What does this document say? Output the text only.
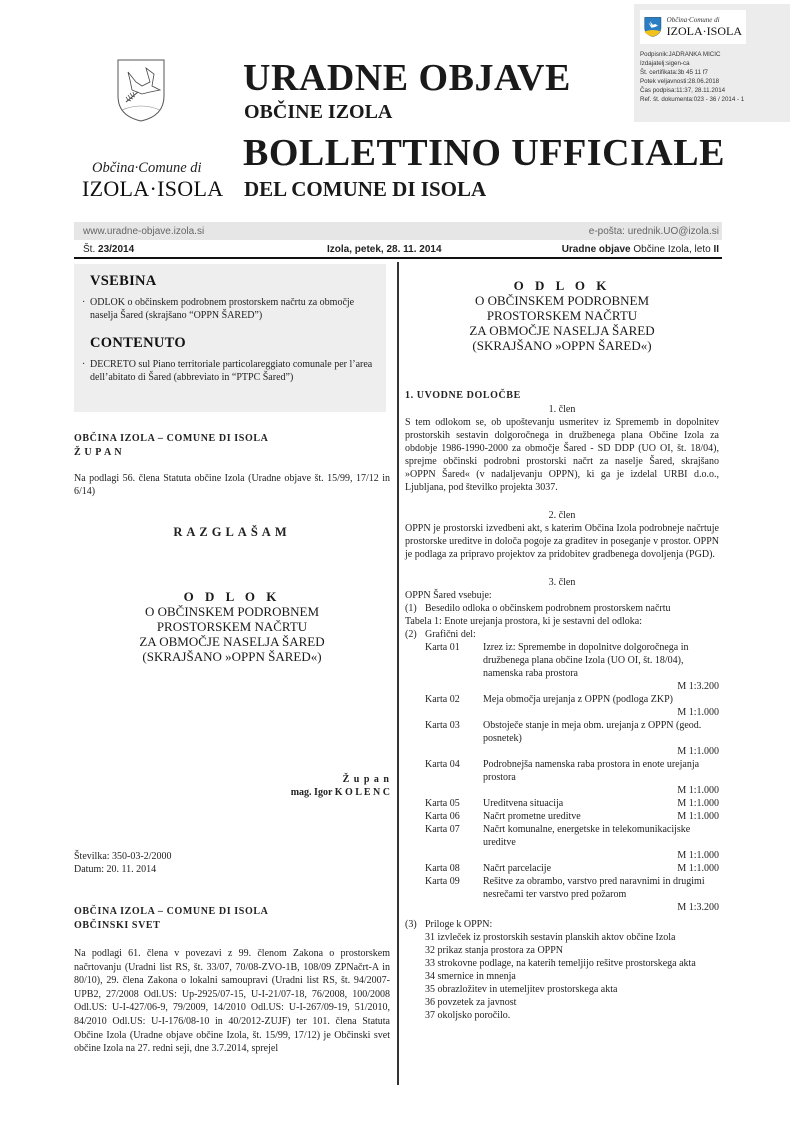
Občina·Comune di
IZOLA·ISOLA
Podpisnik:JADRANKA MICIC
Izdajatelj:sigen-ca
Št. certifikata:3b 45 11 f7
Potek veljavnosti:28.06.2018
Čas podpisa:11:37, 28.11.2014
Ref. št. dokumenta:023 - 36 / 2014 - 1
Občina·Comune di
IZOLA·ISOLA
URADNE OBJAVE
OBČINE IZOLA
BOLLETTINO UFFICIALE
DEL COMUNE DI ISOLA
www.uradne-objave.izola.si	e-pošta: urednik.UO@izola.si
Št. 23/2014	Izola, petek, 28. 11. 2014	Uradne objave Občine Izola, leto II
VSEBINA
· ODLOK o občinskem podrobnem prostorskem načrtu za območje naselja Šared (skrajšano “OPPN ŠARED”)
CONTENUTO
· DECRETO sul Piano territoriale particolareggiato comunale per l’area dell’abitato di Šared (abbreviato in “PTPC Šared”)
OBČINA IZOLA – COMUNE DI ISOLA
Ž U P A N
Na podlagi 56. člena Statuta občine Izola (Uradne objave št. 15/99, 17/12 in 6/14)
RAZGLAŠAM
O D L O K
O OBČINSKEM PODROBNEM
PROSTORSKEM NAČRTU
ZA OBMOČJE NASELJA ŠARED
(SKRAJŠANO »OPPN ŠARED«)
Ž u p a n
mag. Igor K O L E N C
Številka: 350-03-2/2000
Datum: 20. 11. 2014
OBČINA IZOLA – COMUNE DI ISOLA
OBČINSKI SVET
Na podlagi 61. člena v povezavi z 99. členom Zakona o prostorskem načrtovanju (Uradni list RS, št. 33/07, 70/08-ZVO-1B, 108/09 ZPNačrt-A in 80/10), 29. člena Zakona o lokalni samoupravi (Uradni list RS, št. 94/2007-UPB2, 27/2008 Odl.US: Up-2925/07-15, U-I-21/07-18, 76/2008, 100/2008 Odl.US: U-I-427/06-9, 79/2009, 14/2010 Odl.US: U-I-267/09-19, 51/2010, 84/2010 Odl.US: U-I-176/08-10 in 40/2012-ZUJF) ter 101. člena Statuta Občine Izola (Uradne objave občine Izola, št. 15/99, 17/12) je Občinski svet občine Izola na 27. redni seji, dne 3.7.2014, sprejel
O D L O K
O OBČINSKEM PODROBNEM
PROSTORSKEM NAČRTU
ZA OBMOČJE NASELJA ŠARED
(SKRAJŠANO »OPPN ŠARED«)
1. UVODNE DOLOČBE
1. člen
S tem odlokom se, ob upoštevanju usmeritev iz Sprememb in dopolnitev prostorskih sestavin dolgoročnega in družbenega plana Občine Izola za obdobje 1986-1990-2000 za območje Šared - SD DDP (UO OI, št. 18/04), sprejme občinski podrobni prostorski načrt za naselje Šared, skrajšano »OPPN Šared« (v nadaljevanju OPPN), ki ga je izdelal URBI d.o.o., Ljubljana, pod številko projekta 3037.
2. člen
OPPN je prostorski izvedbeni akt, s katerim Občina Izola podrobneje načrtuje prostorske ureditve in določa pogoje za graditev in poseganje v prostor. OPPN je podlaga za pripravo projektov za pridobitev gradbenega dovoljenja (PGD).
3. člen
OPPN Šared vsebuje:
(1) Besedilo odloka o občinskem podrobnem prostorskem načrtu
Tabela 1: Enote urejanja prostora, ki je sestavni del odloka:
(2) Grafični del:
Karta 01	Izrez iz: Spremembe in dopolnitve dolgoročnega in družbenega plana občine Izola (UO OI, št. 18/04), namenska raba prostora
M 1:3.200
Karta 02	Meja območja urejanja z OPPN (podloga ZKP)
M 1:1.000
Karta 03	Obstoječe stanje in meja obm. urejanja z OPPN (geod. posnetek)
M 1:1.000
Karta 04	Podrobnejša namenska raba prostora in enote urejanja prostora
M 1:1.000
Karta 05	Ureditvena situacija	M 1:1.000
Karta 06	Načrt prometne ureditve	M 1:1.000
Karta 07	Načrt komunalne, energetske in telekomunikacijske ureditve
M 1:1.000
Karta 08	Načrt parcelacije	M 1:1.000
Karta 09	Rešitve za obrambo, varstvo pred naravnimi in drugimi nesrečami ter varstvo pred požarom
M 1:3.200
(3) Priloge k OPPN:
31 izvleček iz prostorskih sestavin planskih aktov občine Izola
32 prikaz stanja prostora za OPPN
33 strokovne podlage, na katerih temeljijo rešitve prostorskega akta
34 smernice in mnenja
35 obrazložitev in utemeljitev prostorskega akta
36 povzetek za javnost
37 okoljsko poročilo.
